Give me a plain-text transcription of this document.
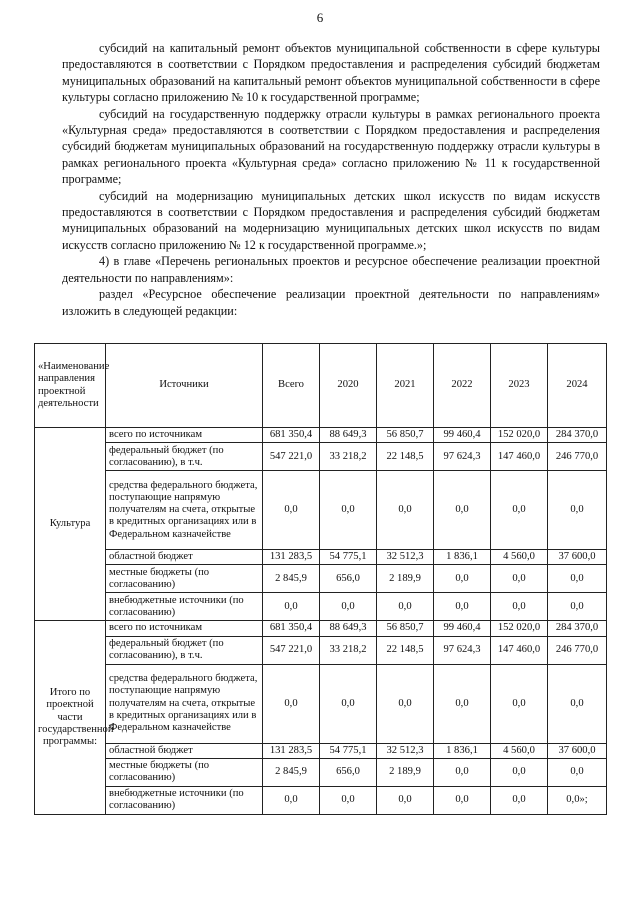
6

субсидий на капитальный ремонт объектов муниципальной собственности в сфере культуры предоставляются в соответствии с Порядком предоставления и распределения субсидий бюджетам муниципальных образований на капитальный ремонт объектов муниципальной собственности в сфере культуры согласно приложению № 10 к государственной программе;

субсидий на государственную поддержку отрасли культуры в рамках регионального проекта «Культурная среда» предоставляются в соответствии с Порядком предоставления и распределения субсидий бюджетам муниципальных образований на государственную поддержку отрасли культуры в рамках регионального проекта «Культурная среда» согласно приложению № 11 к государственной программе;

субсидий на модернизацию муниципальных детских школ искусств по видам искусств предоставляются в соответствии с Порядком предоставления и распределения субсидий бюджетам муниципальных образований на модернизацию муниципальных детских школ искусств по видам искусств согласно приложению № 12 к государственной программе.»;

4) в главе «Перечень региональных проектов и ресурсное обеспечение реализации проектной деятельности по направлениям»:

раздел «Ресурсное обеспечение реализации проектной деятельности по направлениям» изложить в следующей редакции:

«Наименование направления проектной деятельности	Источники	Всего	2020	2021	2022	2023	2024
Культура	всего по источникам	681 350,4	88 649,3	56 850,7	99 460,4	152 020,0	284 370,0
	федеральный бюджет (по согласованию), в т.ч.	547 221,0	33 218,2	22 148,5	97 624,3	147 460,0	246 770,0
	средства федерального бюджета, поступающие напрямую получателям на счета, открытые в кредитных организациях или в Федеральном казначействе	0,0	0,0	0,0	0,0	0,0	0,0
	областной бюджет	131 283,5	54 775,1	32 512,3	1 836,1	4 560,0	37 600,0
	местные бюджеты (по согласованию)	2 845,9	656,0	2 189,9	0,0	0,0	0,0
	внебюджетные источники (по согласованию)	0,0	0,0	0,0	0,0	0,0	0,0
Итого по проектной части государственной программы:	всего по источникам	681 350,4	88 649,3	56 850,7	99 460,4	152 020,0	284 370,0
	федеральный бюджет (по согласованию), в т.ч.	547 221,0	33 218,2	22 148,5	97 624,3	147 460,0	246 770,0
	средства федерального бюджета, поступающие напрямую получателям на счета, открытые в кредитных организациях или в Федеральном казначействе	0,0	0,0	0,0	0,0	0,0	0,0
	областной бюджет	131 283,5	54 775,1	32 512,3	1 836,1	4 560,0	37 600,0
	местные бюджеты (по согласованию)	2 845,9	656,0	2 189,9	0,0	0,0	0,0
	внебюджетные источники (по согласованию)	0,0	0,0	0,0	0,0	0,0	0,0»;
